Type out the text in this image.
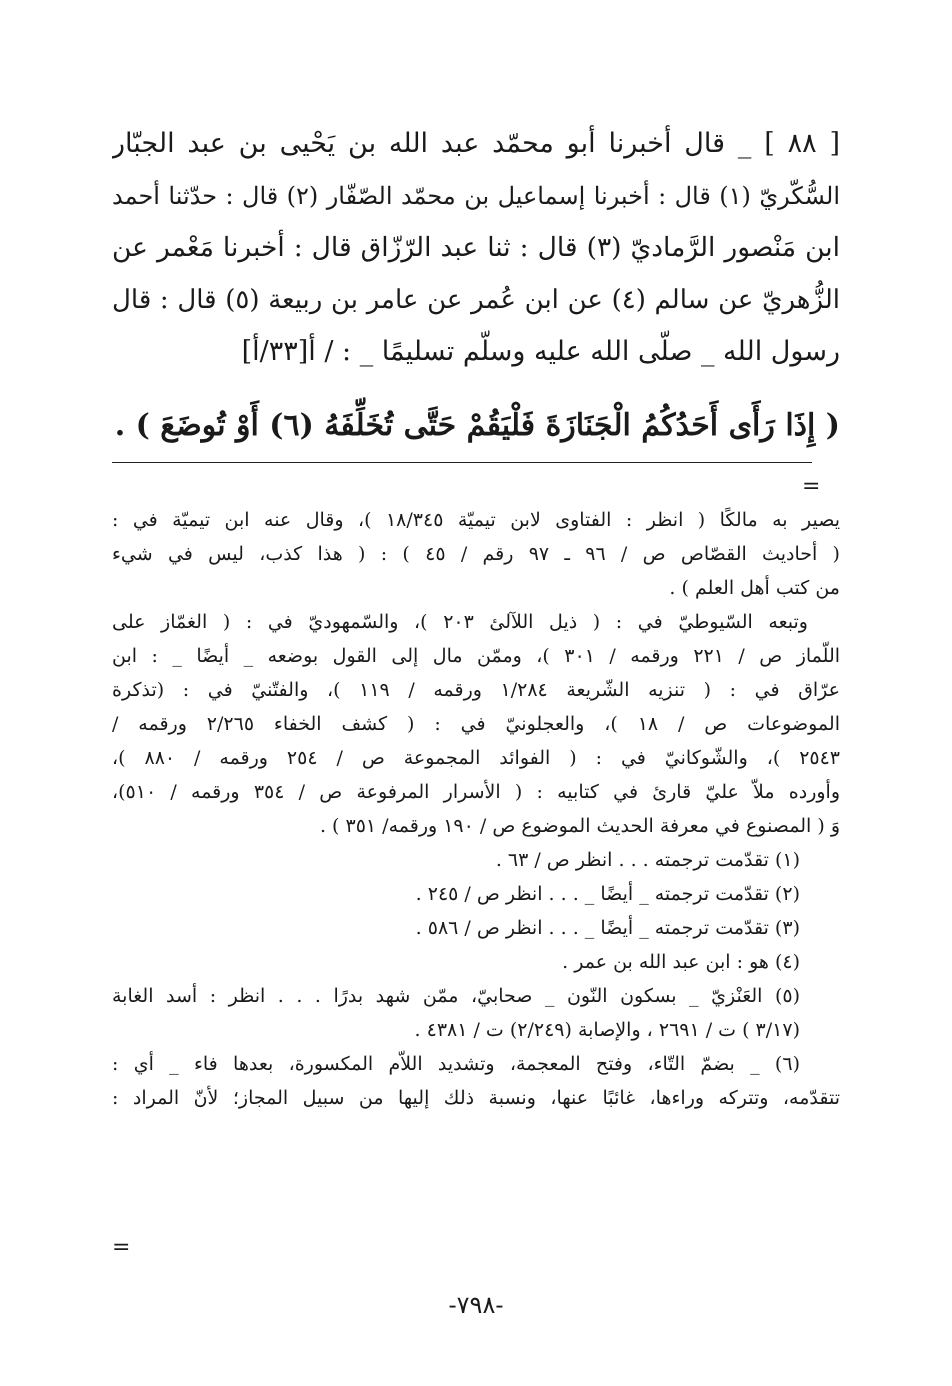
[ ٨٨ ] _ قال أخبرنا أبو محمّد عبد الله بن يَحْيى بن عبد الجبّار
السُّكّريّ (١) قال : أخبرنا إسماعيل بن محمّد الصّفّار (٢) قال : حدّثنا أحمد
ابن مَنْصور الرَّماديّ (٣) قال : ثنا عبد الرّزّاق قال : أخبرنا مَعْمر عن
الزُّهريّ عن سالم (٤) عن ابن عُمر عن عامر بن ربيعة (٥) قال : قال
رسول الله _ صلّى الله عليه وسلّم تسليمًا _ : / أ[٣٣/أ]
( إِذَا رَأَى أَحَدُكُمُ الْجَنَازَةَ فَلْيَقُمْ حَتَّى تُخَلِّفَهُ (٦) أَوْ تُوضَعَ ) .
=
يصير به مالكًا ( انظر : الفتاوى لابن تيميّة ١٨/٣٤٥ )، وقال عنه ابن تيميّة في :
( أحاديث القصّاص ص / ٩٦ ـ ٩٧ رقم / ٤٥ ) : ( هذا كذب، ليس في شيء
من كتب أهل العلم ) .
وتبعه السّيوطيّ في : ( ذيل اللآلئ ٢٠٣ )، والسّمهوديّ في : ( الغمّاز على
اللّماز ص / ٢٢١ ورقمه / ٣٠١ )، وممّن مال إلى القول بوضعه _ أيضًا _ : ابن
عرّاق في : ( تنزيه الشّريعة ١/٢٨٤ ورقمه / ١١٩ )، والفتّنيّ في : (تذكرة
الموضوعات ص / ١٨ )، والعجلونيّ في : ( كشف الخفاء ٢/٢٦٥ ورقمه /
٢٥٤٣ )، والشّوكانيّ في : ( الفوائد المجموعة ص / ٢٥٤ ورقمه / ٨٨٠ )،
وأورده ملاّ عليّ قارئ في كتابيه : ( الأسرار المرفوعة ص / ٣٥٤ ورقمه / ٥١٠)،
وَ ( المصنوع في معرفة الحديث الموضوع ص / ١٩٠ ورقمه/ ٣٥١ ) .
(١) تقدّمت ترجمته . . . انظر ص / ٦٣ .
(٢) تقدّمت ترجمته _ أيضًا _ . . . انظر ص / ٢٤٥ .
(٣) تقدّمت ترجمته _ أيضًا _ . . . انظر ص / ٥٨٦ .
(٤) هو : ابن عبد الله بن عمر .
(٥) العَنْزيّ _ بسكون النّون _ صحابيّ، ممّن شهد بدرًا . . . انظر : أسد الغابة
(٣/١٧ ) ت / ٢٦٩١ ، والإصابة (٢/٢٤٩) ت / ٤٣٨١ .
(٦) _ بضمّ التّاء، وفتح المعجمة، وتشديد اللاّم المكسورة، بعدها فاء _ أي :
تتقدّمه، وتتركه وراءها، غائبًا عنها، ونسبة ذلك إليها من سبيل المجاز؛ لأنّ المراد :
=
-٧٩٨-
